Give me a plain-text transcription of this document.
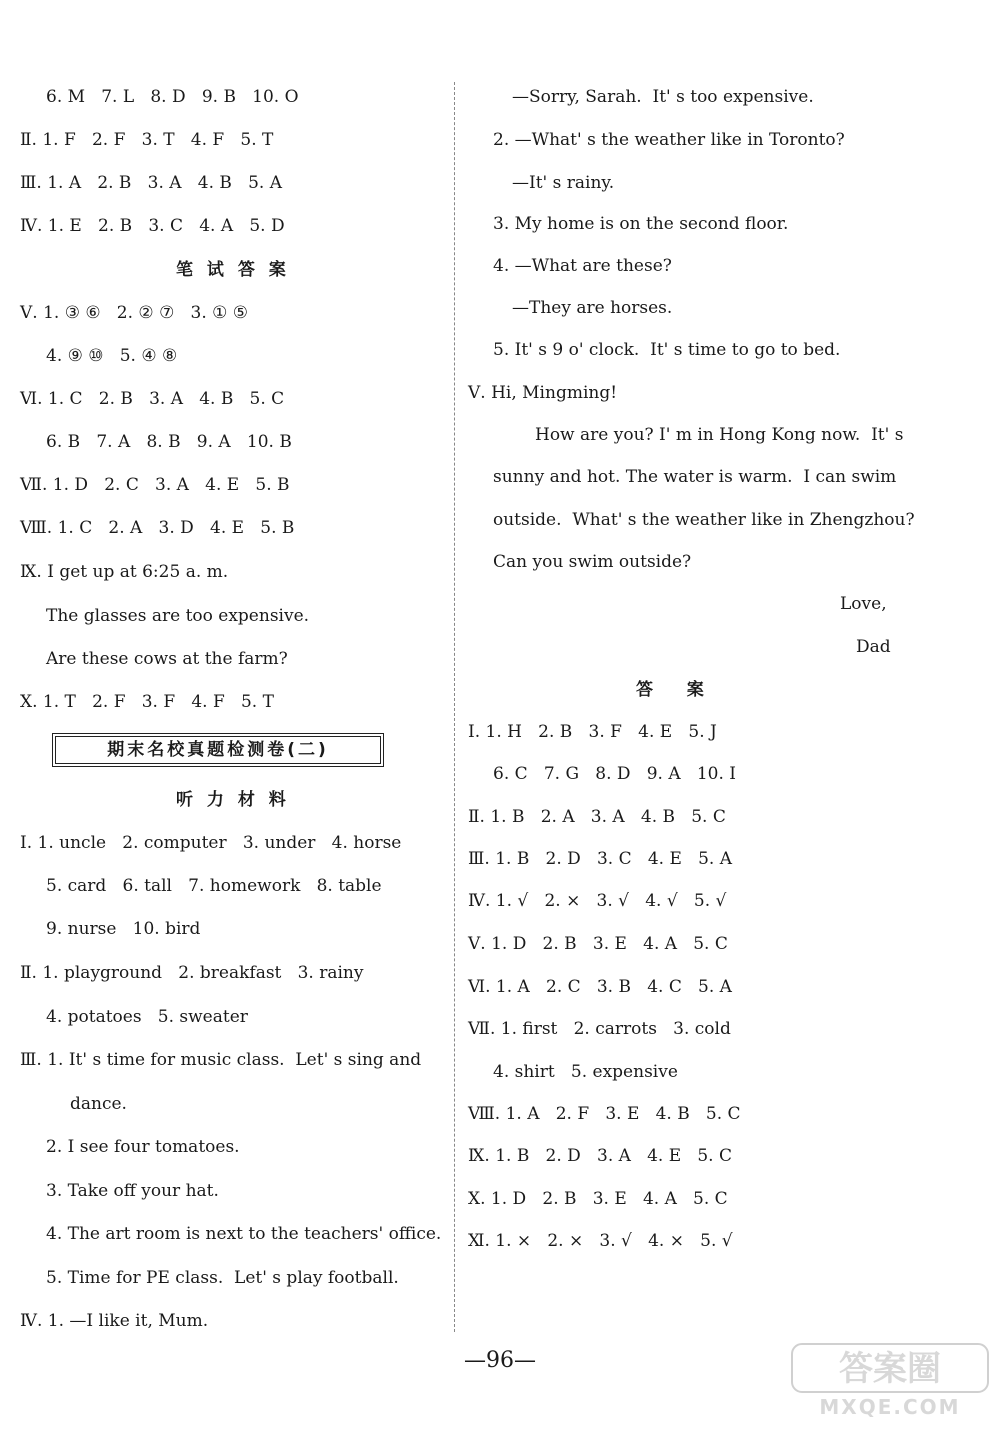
6. M   7. L   8. D   9. B   10. O
Ⅱ. 1. F   2. F   3. T   4. F   5. T
Ⅲ. 1. A   2. B   3. A   4. B   5. A
Ⅳ. 1. E   2. B   3. C   4. A   5. D
笔 试 答 案
Ⅴ. 1. ③ ⑥   2. ② ⑦   3. ① ⑤
4. ⑨ ⑩   5. ④ ⑧
Ⅵ. 1. C   2. B   3. A   4. B   5. C
6. B   7. A   8. B   9. A   10. B
Ⅶ. 1. D   2. C   3. A   4. E   5. B
Ⅷ. 1. C   2. A   3. D   4. E   5. B
Ⅸ. I get up at 6:25 a. m.
The glasses are too expensive.
Are these cows at the farm?
Ⅹ. 1. T   2. F   3. F   4. F   5. T
期末名校真题检测卷(二)
听 力 材 料
Ⅰ. 1. uncle   2. computer   3. under   4. horse
5. card   6. tall   7. homework   8. table
9. nurse   10. bird
Ⅱ. 1. playground   2. breakfast   3. rainy
4. potatoes   5. sweater
Ⅲ. 1. It' s time for music class.  Let' s sing and
dance.
2. I see four tomatoes.
3. Take off your hat.
4. The art room is next to the teachers' office.
5. Time for PE class.  Let' s play football.
Ⅳ. 1. —I like it, Mum.
—Sorry, Sarah.  It' s too expensive.
2. —What' s the weather like in Toronto?
—It' s rainy.
3. My home is on the second floor.
4. —What are these?
—They are horses.
5. It' s 9 o' clock.  It' s time to go to bed.
Ⅴ. Hi, Mingming!
How are you? I' m in Hong Kong now.  It' s
sunny and hot. The water is warm.  I can swim
outside.  What' s the weather like in Zhengzhou?
Can you swim outside?
Love,
Dad
答   案
Ⅰ. 1. H   2. B   3. F   4. E   5. J
6. C   7. G   8. D   9. A   10. I
Ⅱ. 1. B   2. A   3. A   4. B   5. C
Ⅲ. 1. B   2. D   3. C   4. E   5. A
Ⅳ. 1. √   2. ×   3. √   4. √   5. √
Ⅴ. 1. D   2. B   3. E   4. A   5. C
Ⅵ. 1. A   2. C   3. B   4. C   5. A
Ⅶ. 1. first   2. carrots   3. cold
4. shirt   5. expensive
Ⅷ. 1. A   2. F   3. E   4. B   5. C
Ⅸ. 1. B   2. D   3. A   4. E   5. C
Ⅹ. 1. D   2. B   3. E   4. A   5. C
Ⅺ. 1. ×   2. ×   3. √   4. ×   5. √
—96—	答案圈
MXQE.COM
